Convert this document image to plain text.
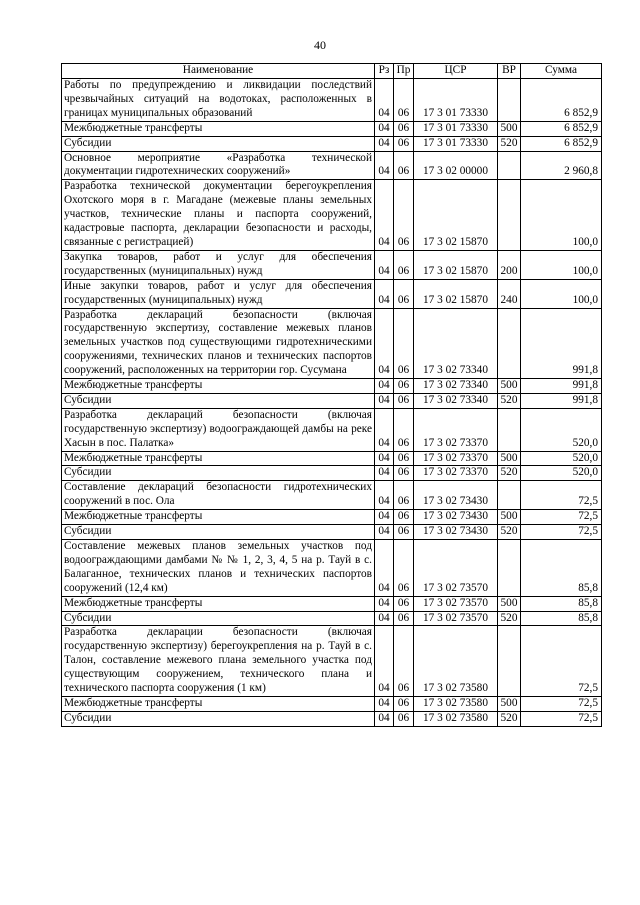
40
Наименование	Рз	Пр	ЦСР	ВР	Сумма
Работы по предупреждению и ликвидации последствий чрезвычайных ситуаций на водотоках, расположенных в границах муниципальных образований	04	06	17 3 01 73330		6 852,9
Межбюджетные трансферты	04	06	17 3 01 73330	500	6 852,9
Субсидии	04	06	17 3 01 73330	520	6 852,9
Основное мероприятие «Разработка технической документации гидротехнических сооружений»	04	06	17 3 02 00000		2 960,8
Разработка технической документации берегоукрепления Охотского моря в г. Магадане (межевые планы земельных участков, технические планы и паспорта сооружений, кадастровые паспорта, декларации безопасности и расходы, связанные с регистрацией)	04	06	17 3 02 15870		100,0
Закупка товаров, работ и услуг для обеспечения государственных (муниципальных) нужд	04	06	17 3 02 15870	200	100,0
Иные закупки товаров, работ и услуг для обеспечения государственных (муниципальных) нужд	04	06	17 3 02 15870	240	100,0
Разработка деклараций безопасности (включая государственную экспертизу, составление межевых планов земельных участков под существующими гидротехническими сооружениями, технических планов и технических паспортов сооружений, расположенных на территории гор. Сусумана	04	06	17 3 02 73340		991,8
Межбюджетные трансферты	04	06	17 3 02 73340	500	991,8
Субсидии	04	06	17 3 02 73340	520	991,8
Разработка деклараций безопасности (включая государственную экспертизу) водоограждающей дамбы на реке Хасын в пос. Палатка»	04	06	17 3 02 73370		520,0
Межбюджетные трансферты	04	06	17 3 02 73370	500	520,0
Субсидии	04	06	17 3 02 73370	520	520,0
Составление деклараций безопасности гидротехнических сооружений в пос. Ола	04	06	17 3 02 73430		72,5
Межбюджетные трансферты	04	06	17 3 02 73430	500	72,5
Субсидии	04	06	17 3 02 73430	520	72,5
Составление межевых планов земельных участков под водоограждающими дамбами № № 1, 2, 3, 4, 5 на р. Тауй в с. Балаганное, технических планов и технических паспортов сооружений (12,4 км)	04	06	17 3 02 73570		85,8
Межбюджетные трансферты	04	06	17 3 02 73570	500	85,8
Субсидии	04	06	17 3 02 73570	520	85,8
Разработка декларации безопасности (включая государственную экспертизу) берегоукрепления на р. Тауй в с. Талон, составление межевого плана земельного участка под существующим сооружением, технического плана и технического паспорта сооружения (1 км)	04	06	17 3 02 73580		72,5
Межбюджетные трансферты	04	06	17 3 02 73580	500	72,5
Субсидии	04	06	17 3 02 73580	520	72,5
